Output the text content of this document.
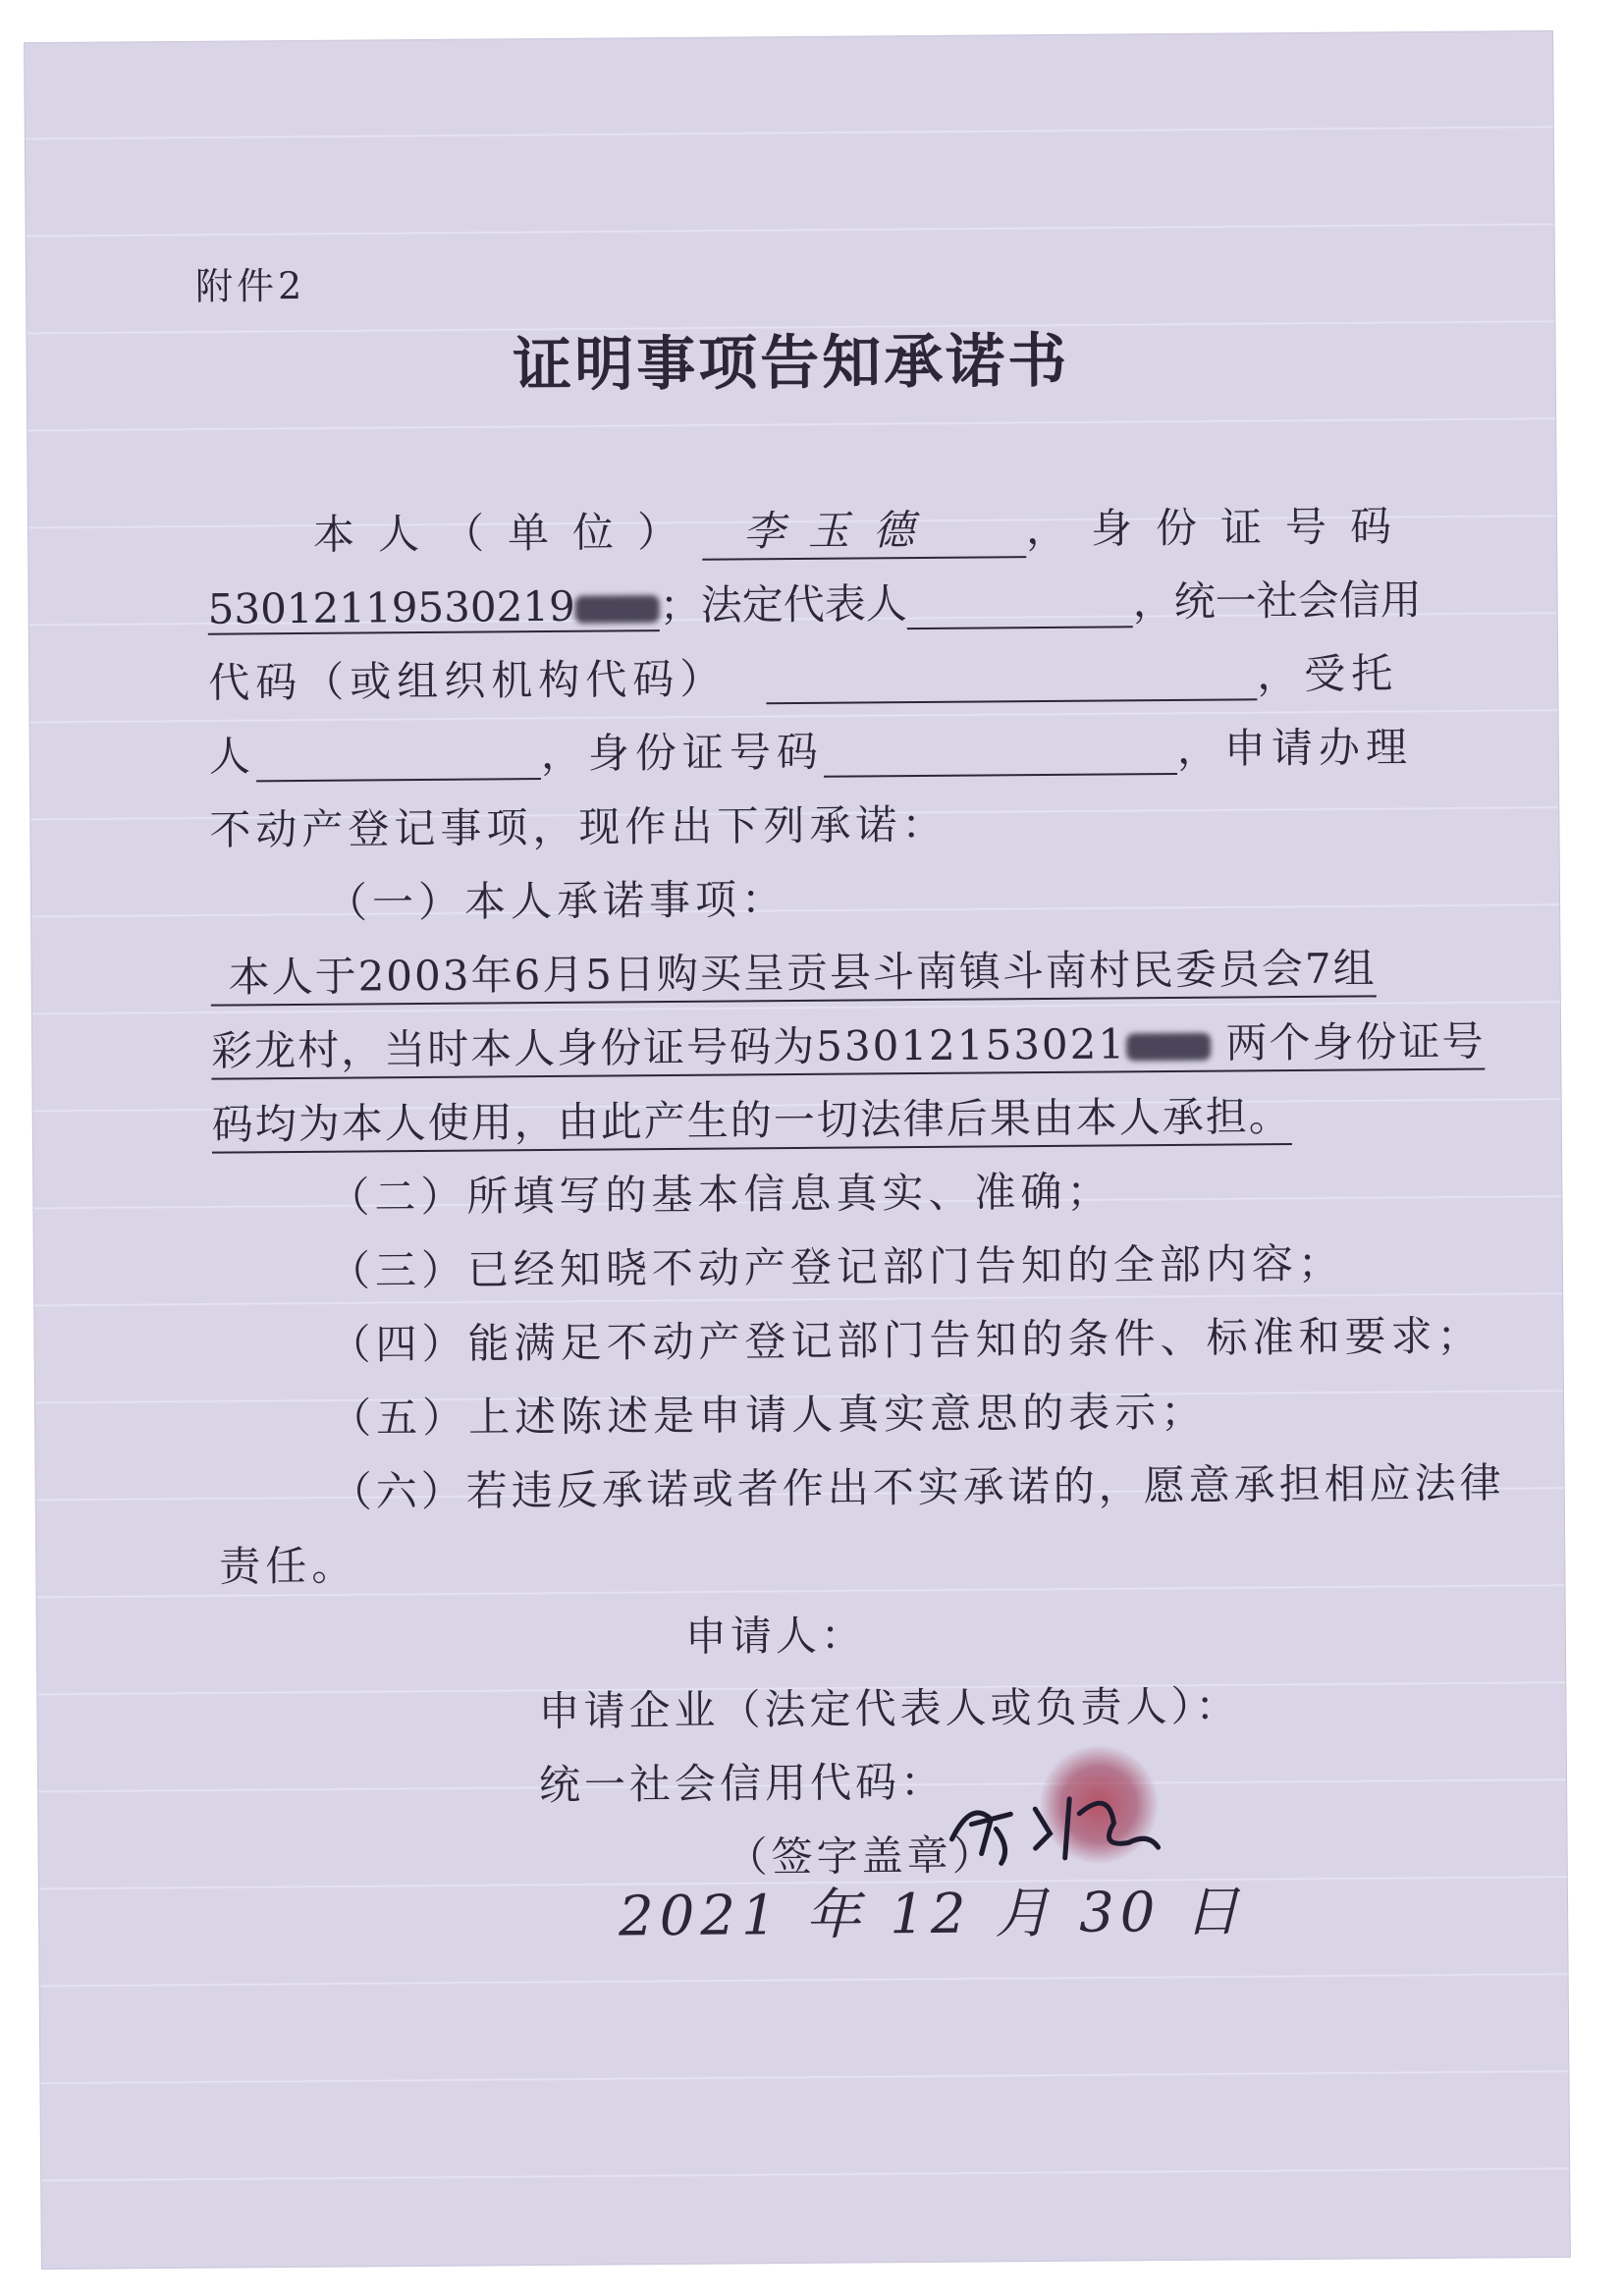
附件2
证明事项告知承诺书
本人（单位） 李玉德 ，身份证号码
53012119530219 ；法定代表人	，统一社会信用
代码（或组织机构代码）	，受托
人	，身份证号码	，申请办理
不动产登记事项，现作出下列承诺：
（一）本人承诺事项：
本人于2003年6月5日购买呈贡县斗南镇斗南村民委员会7组
彩龙村，当时本人身份证号码为53012153021 两个身份证号
码均为本人使用，由此产生的一切法律后果由本人承担。
（二）所填写的基本信息真实、准确；
（三）已经知晓不动产登记部门告知的全部内容；
（四）能满足不动产登记部门告知的条件、标准和要求；
（五）上述陈述是申请人真实意思的表示；
（六）若违反承诺或者作出不实承诺的，愿意承担相应法律
责任。
申请人：
申请企业（法定代表人或负责人）：
统一社会信用代码：
（签字盖章）
2021 年 12 月 30 日
